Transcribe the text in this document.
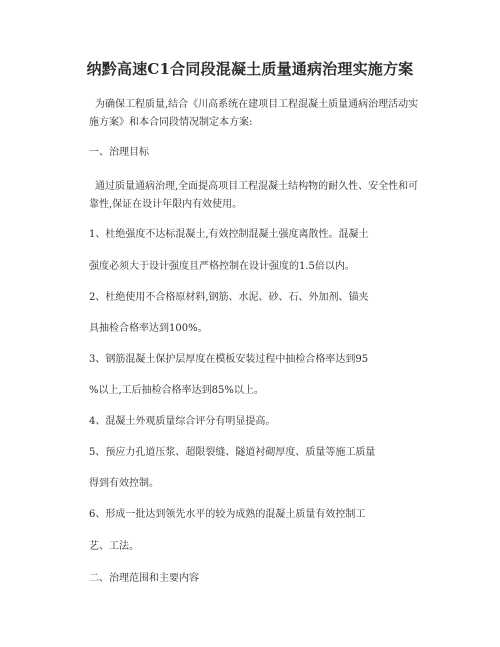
纳黔高速C1合同段混凝土质量通病治理实施方案
为确保工程质量,结合《川高系统在建项目工程混凝土质量通病治理活动实施方案》和本合同段情况制定本方案:
一、治理目标
通过质量通病治理,全面提高项目工程混凝土结构物的耐久性、安全性和可靠性,保证在设计年限内有效使用。
1、杜绝强度不达标混凝土,有效控制混凝土强度离散性。混凝土
强度必须大于设计强度且严格控制在设计强度的1.5倍以内。
2、杜绝使用不合格原材料,钢筋、水泥、砂、石、外加剂、锚夹
具抽检合格率达到100%。
3、钢筋混凝土保护层厚度在模板安装过程中抽检合格率达到95
%以上,工后抽检合格率达到85%以上。
4、混凝土外观质量综合评分有明显提高。
5、预应力孔道压浆、超限裂缝、隧道衬砌厚度、质量等施工质量
得到有效控制。
6、形成一批达到领先水平的较为成熟的混凝土质量有效控制工
艺、工法。
二、治理范围和主要内容
